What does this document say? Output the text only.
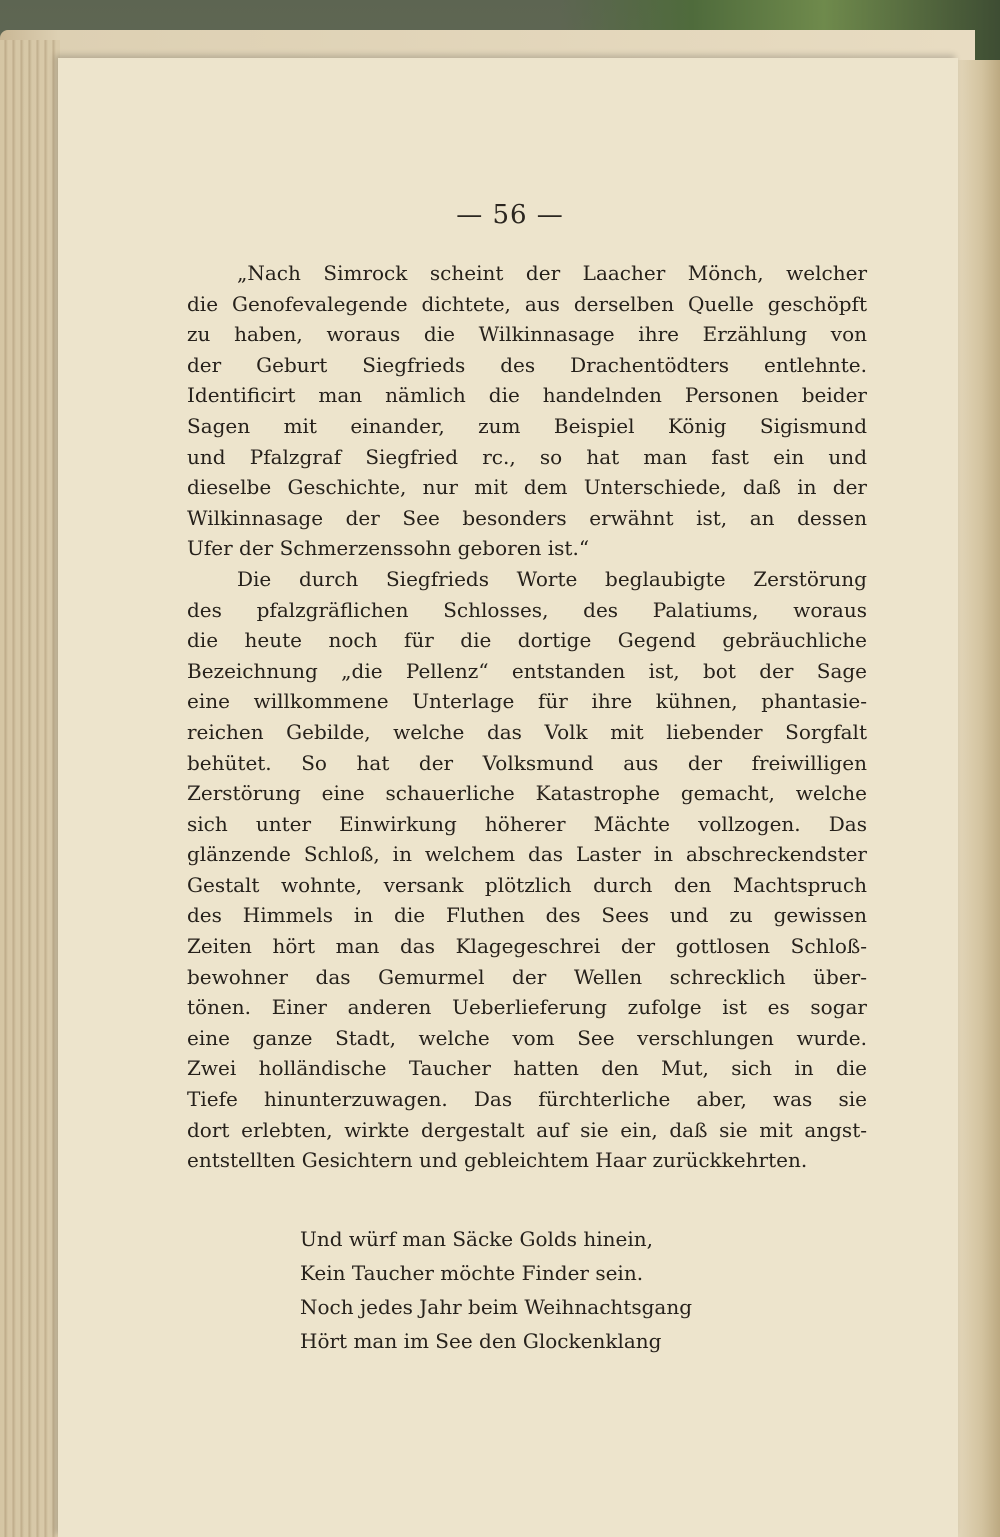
— 56 —
„Nach Simrock scheint der Laacher Mönch, welcher
die Genofevalegende dichtete, aus derselben Quelle geschöpft
zu haben, woraus die Wilkinnasage ihre Erzählung von
der Geburt Siegfrieds des Drachentödters entlehnte.
Identificirt man nämlich die handelnden Personen beider
Sagen mit einander, zum Beispiel König Sigismund
und Pfalzgraf Siegfried rc., so hat man fast ein und
dieselbe Geschichte, nur mit dem Unterschiede, daß in der
Wilkinnasage der See besonders erwähnt ist, an dessen
Ufer der Schmerzenssohn geboren ist.“
Die durch Siegfrieds Worte beglaubigte Zerstörung
des pfalzgräflichen Schlosses, des Palatiums, woraus
die heute noch für die dortige Gegend gebräuchliche
Bezeichnung „die Pellenz“ entstanden ist, bot der Sage
eine willkommene Unterlage für ihre kühnen, phantasie-
reichen Gebilde, welche das Volk mit liebender Sorgfalt
behütet. So hat der Volksmund aus der freiwilligen
Zerstörung eine schauerliche Katastrophe gemacht, welche
sich unter Einwirkung höherer Mächte vollzogen. Das
glänzende Schloß, in welchem das Laster in abschreckendster
Gestalt wohnte, versank plötzlich durch den Machtspruch
des Himmels in die Fluthen des Sees und zu gewissen
Zeiten hört man das Klagegeschrei der gottlosen Schloß-
bewohner das Gemurmel der Wellen schrecklich über-
tönen. Einer anderen Ueberlieferung zufolge ist es sogar
eine ganze Stadt, welche vom See verschlungen wurde.
Zwei holländische Taucher hatten den Mut, sich in die
Tiefe hinunterzuwagen. Das fürchterliche aber, was sie
dort erlebten, wirkte dergestalt auf sie ein, daß sie mit angst-
entstellten Gesichtern und gebleichtem Haar zurückkehrten.
Und würf man Säcke Golds hinein,
Kein Taucher möchte Finder sein.
Noch jedes Jahr beim Weihnachtsgang
Hört man im See den Glockenklang
